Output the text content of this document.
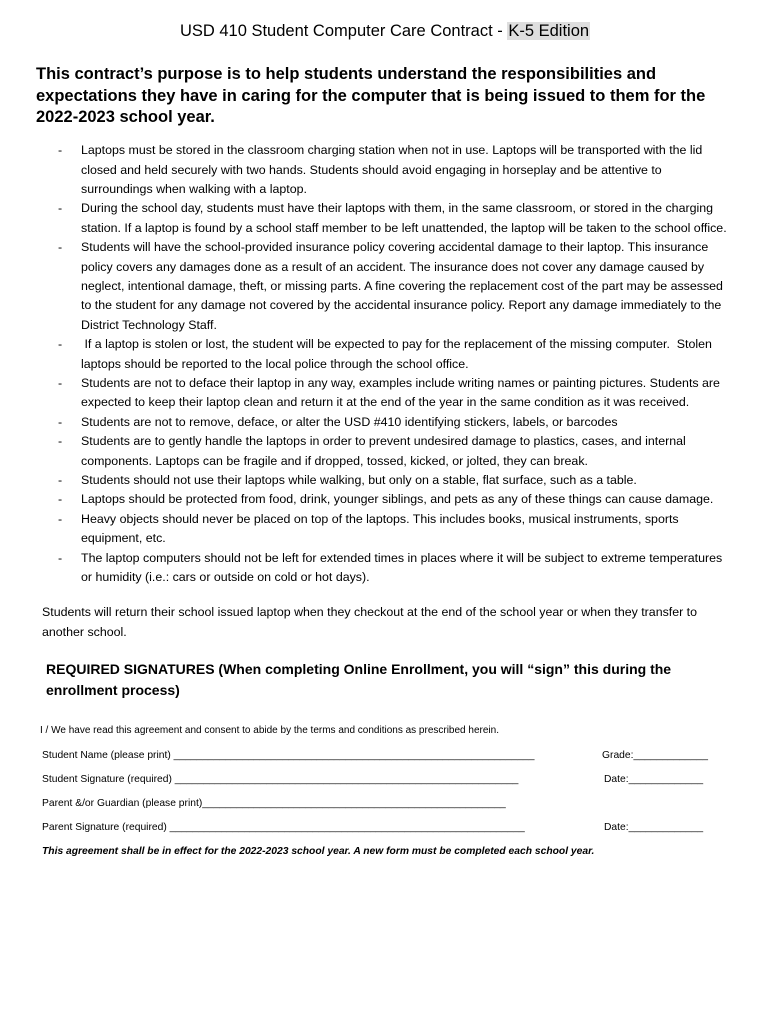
USD 410 Student Computer Care Contract - K-5 Edition
This contract’s purpose is to help students understand the responsibilities and expectations they have in caring for the computer that is being issued to them for the 2022-2023 school year.
- Laptops must be stored in the classroom charging station when not in use. Laptops will be transported with the lid closed and held securely with two hands. Students should avoid engaging in horseplay and be attentive to surroundings when walking with a laptop.
- During the school day, students must have their laptops with them, in the same classroom, or stored in the charging station. If a laptop is found by a school staff member to be left unattended, the laptop will be taken to the school office.
- Students will have the school-provided insurance policy covering accidental damage to their laptop. This insurance policy covers any damages done as a result of an accident. The insurance does not cover any damage caused by neglect, intentional damage, theft, or missing parts. A fine covering the replacement cost of the part may be assessed to the student for any damage not covered by the accidental insurance policy. Report any damage immediately to the District Technology Staff.
- If a laptop is stolen or lost, the student will be expected to pay for the replacement of the missing computer.  Stolen laptops should be reported to the local police through the school office.
- Students are not to deface their laptop in any way, examples include writing names or painting pictures. Students are expected to keep their laptop clean and return it at the end of the year in the same condition as it was received.
- Students are not to remove, deface, or alter the USD #410 identifying stickers, labels, or barcodes
- Students are to gently handle the laptops in order to prevent undesired damage to plastics, cases, and internal components. Laptops can be fragile and if dropped, tossed, kicked, or jolted, they can break.
- Students should not use their laptops while walking, but only on a stable, flat surface, such as a table.
- Laptops should be protected from food, drink, younger siblings, and pets as any of these things can cause damage.
- Heavy objects should never be placed on top of the laptops. This includes books, musical instruments, sports equipment, etc.
- The laptop computers should not be left for extended times in places where it will be subject to extreme temperatures or humidity (i.e.: cars or outside on cold or hot days).
Students will return their school issued laptop when they checkout at the end of the school year or when they transfer to another school.
REQUIRED SIGNATURES (When completing Online Enrollment, you will “sign” this during the enrollment process)
I / We have read this agreement and consent to abide by the terms and conditions as prescribed herein.
Student Name (please print) _______________________________________________________________	Grade:_____________
Student Signature (required) ____________________________________________________________	Date:_____________
Parent &/or Guardian (please print)_____________________________________________________
Parent Signature (required) ______________________________________________________________	Date:_____________
This agreement shall be in effect for the 2022-2023 school year. A new form must be completed each school year.
